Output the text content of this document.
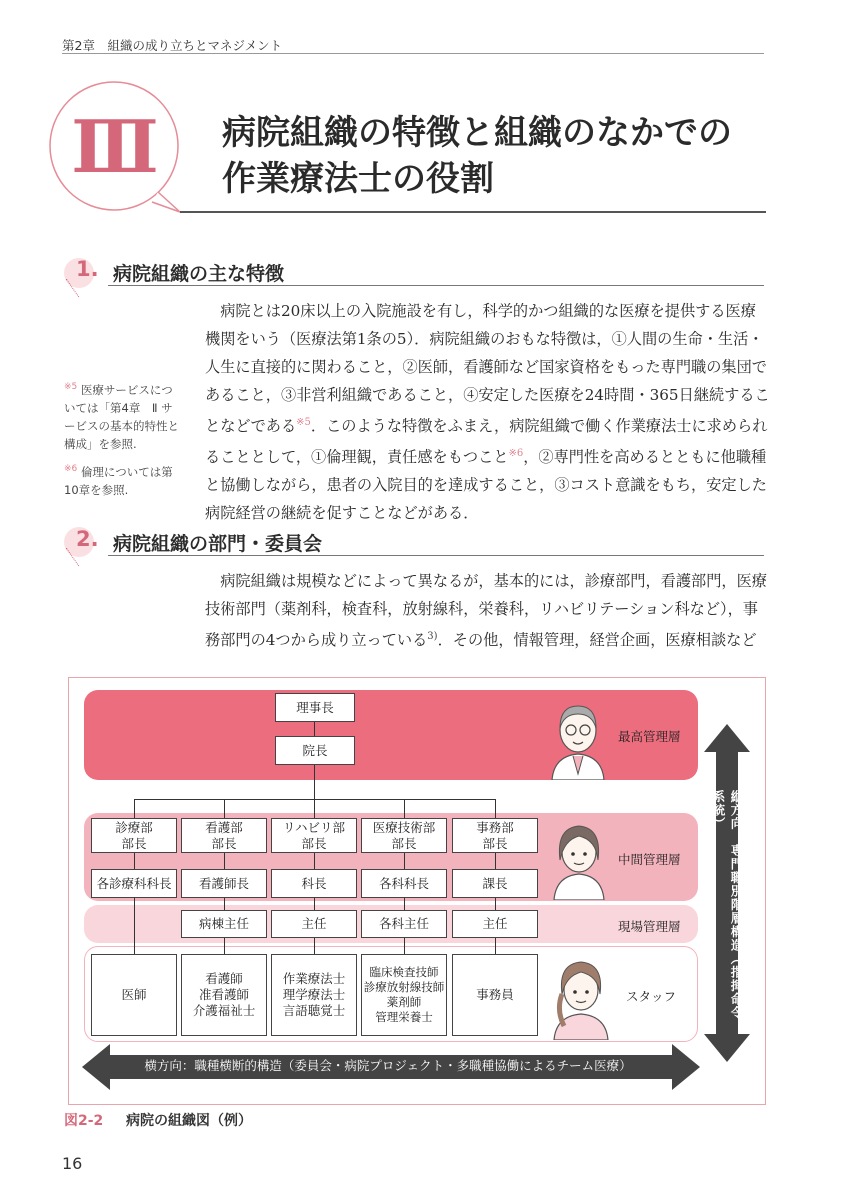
第2章　組織の成り立ちとマネジメント
Ⅲ	病院組織の特徴と組織のなかでの
作業療法士の役割
1. 病院組織の主な特徴
　病院とは20床以上の入院施設を有し，科学的かつ組織的な医療を提供する医療
機関をいう（医療法第1条の5）．病院組織のおもな特徴は，①人間の生命・生活・
人生に直接的に関わること，②医師，看護師など国家資格をもった専門職の集団で
あること，③非営利組織であること，④安定した医療を24時間・365日継続するこ
となどである$^{※5}$．このような特徴をふまえ，病院組織で働く作業療法士に求められ
ることとして，①倫理観，責任感をもつこと$^{※6}$，②専門性を高めるとともに他職種
と協働しながら，患者の入院目的を達成すること，③コスト意識をもち，安定した
病院経営の継続を促すことなどがある．
$^{※5}$ 医療サービスにつ
いては「第4章　Ⅱ サ
ービスの基本的特性と
構成」を参照.
$^{※6}$ 倫理については第
10章を参照.
2. 病院組織の部門・委員会
　病院組織は規模などによって異なるが，基本的には，診療部門，看護部門，医療
技術部門（薬剤科，検査科，放射線科，栄養科，リハビリテーション科など），事
務部門の4つから成り立っている$^{3)}$．その他，情報管理，経営企画，医療相談など
理事長
院長
最高管理層
診療部
部長
看護部
部長
リハビリ部
部長
医療技術部
部長
事務部
部長
各診療科科長	看護師長	科長	各科科長	課長
中間管理層
病棟主任	主任	各科主任	主任	現場管理層
医師
看護師
准看護師
介護福祉士
作業療法士
理学療法士
言語聴覚士
臨床検査技師
診療放射線技師
薬剤師
管理栄養士
事務員	スタッフ	縦方向：専門職別階層構造（指揮命令系統）
横方向：職種横断的構造（委員会・病院プロジェクト・多職種協働によるチーム医療）
図2-2 病院の組織図（例）
16
